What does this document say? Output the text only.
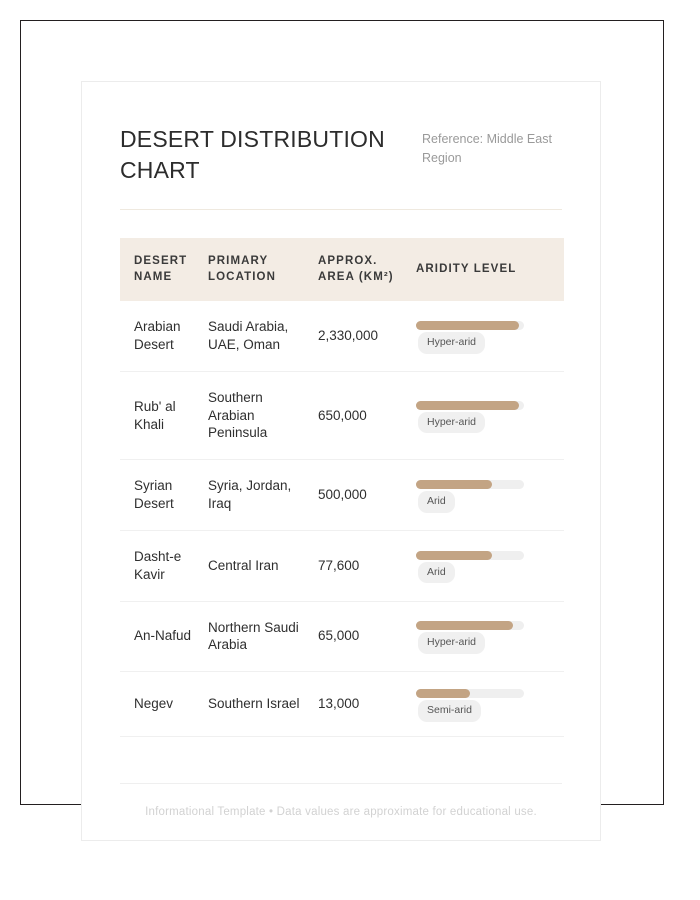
DESERT DISTRIBUTION CHART
Reference: Middle East Region
DESERT NAME	PRIMARY LOCATION	APPROX. AREA (KM²)	ARIDITY LEVEL
Arabian Desert	Saudi Arabia, UAE, Oman	2,330,000	Hyper-arid

Rub' al Khali	Southern Arabian Peninsula	650,000	Hyper-arid

Syrian Desert	Syria, Jordan, Iraq	500,000	Arid

Dasht-e Kavir	Central Iran	77,600	Arid

An-Nafud	Northern Saudi Arabia	65,000	Hyper-arid

Negev	Southern Israel	13,000	Semi-arid
Informational Template • Data values are approximate for educational use.
